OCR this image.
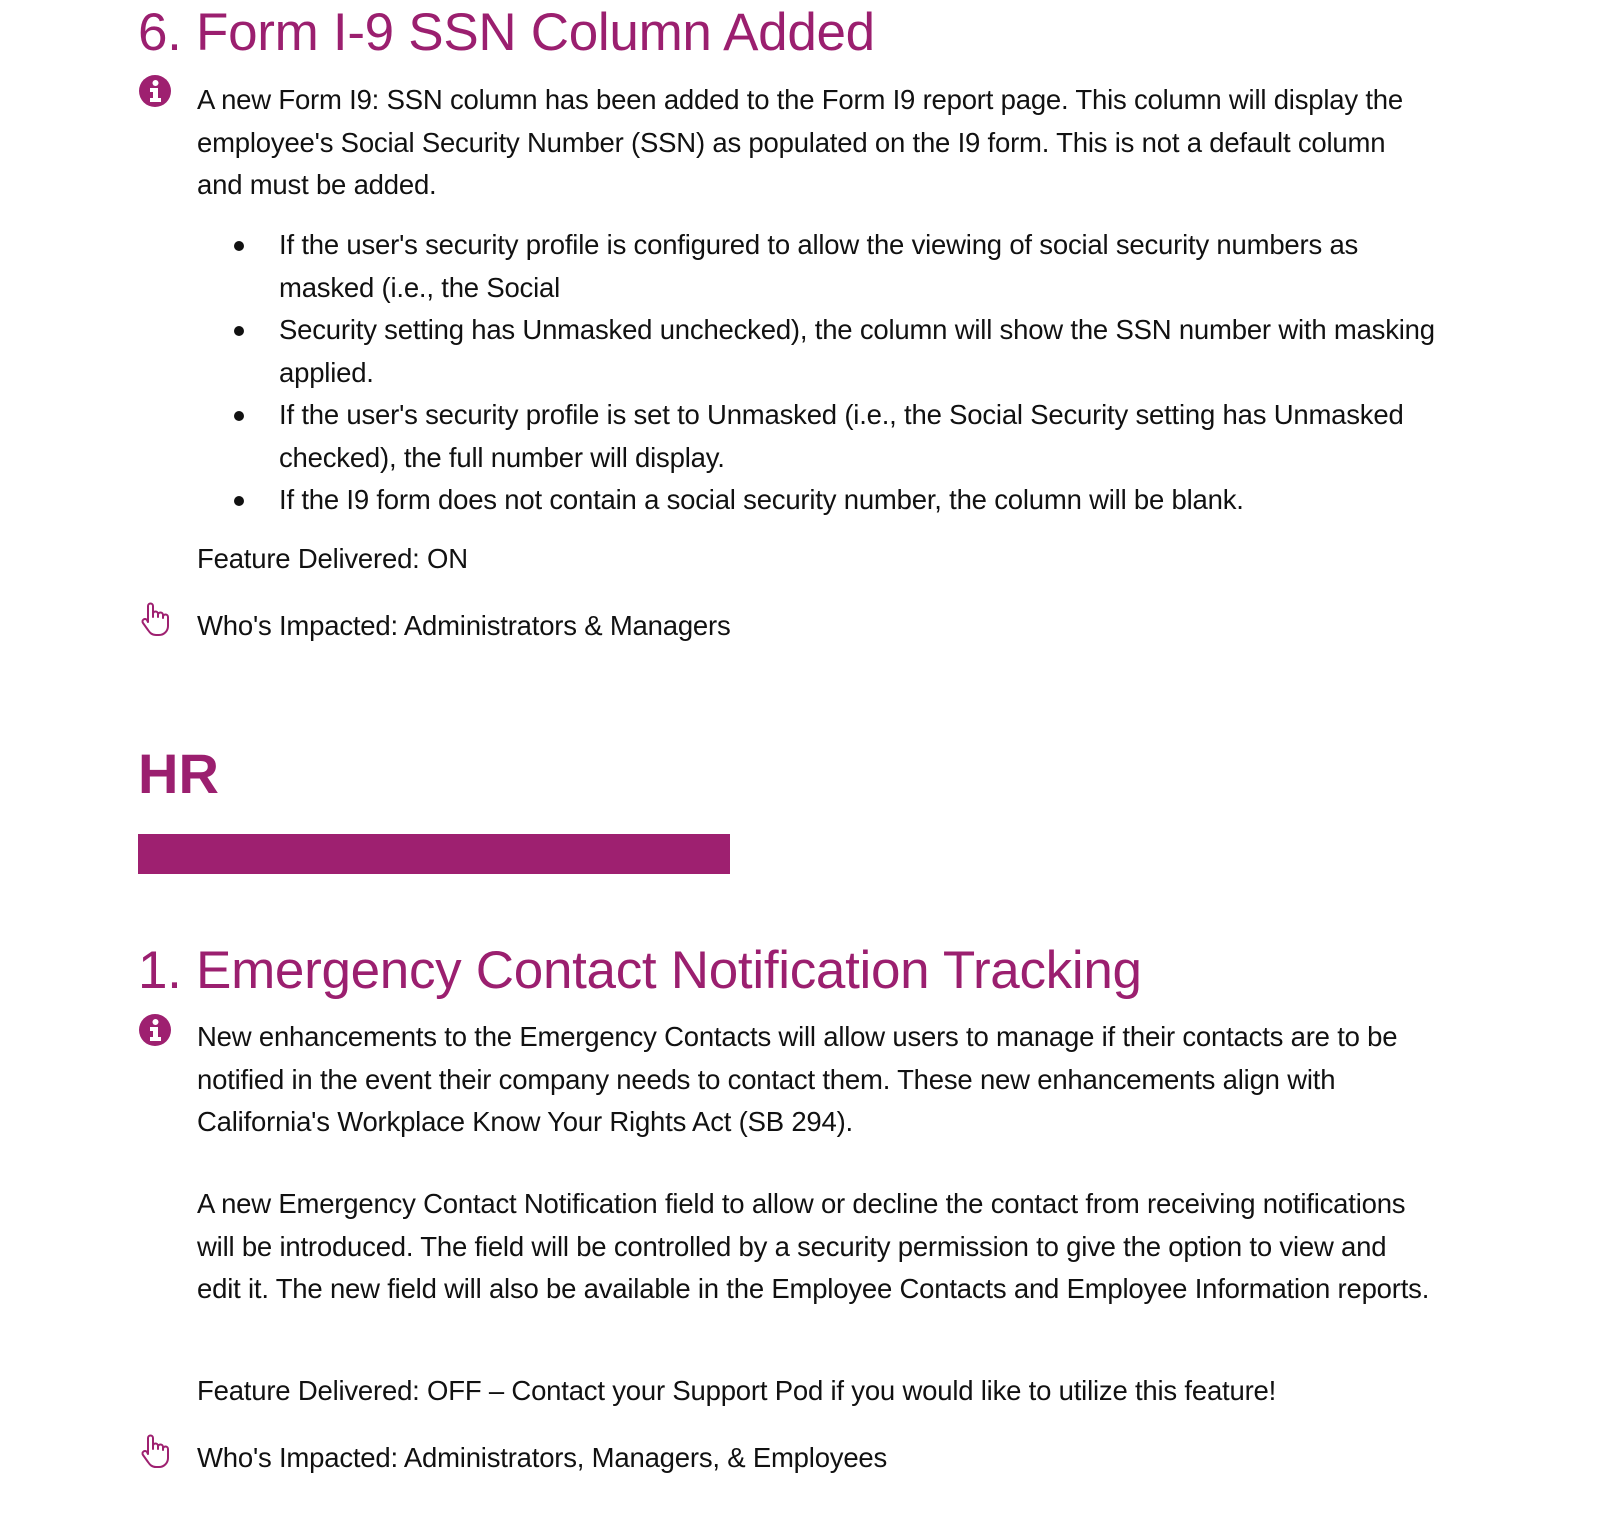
6. Form I-9 SSN Column Added
A new Form I9: SSN column has been added to the Form I9 report page. This column will display the employee's Social Security Number (SSN) as populated on the I9 form. This is not a default column and must be added.
If the user's security profile is configured to allow the viewing of social security numbers as masked (i.e., the Social
Security setting has Unmasked unchecked), the column will show the SSN number with masking applied.
If the user's security profile is set to Unmasked (i.e., the Social Security setting has Unmasked checked), the full number will display.
If the I9 form does not contain a social security number, the column will be blank.
Feature Delivered: ON
Who's Impacted: Administrators & Managers
HR
1. Emergency Contact Notification Tracking
New enhancements to the Emergency Contacts will allow users to manage if their contacts are to be notified in the event their company needs to contact them. These new enhancements align with California's Workplace Know Your Rights Act (SB 294).
A new Emergency Contact Notification field to allow or decline the contact from receiving notifications will be introduced. The field will be controlled by a security permission to give the option to view and edit it. The new field will also be available in the Employee Contacts and Employee Information reports.
Feature Delivered: OFF – Contact your Support Pod if you would like to utilize this feature!
Who's Impacted: Administrators, Managers, & Employees
